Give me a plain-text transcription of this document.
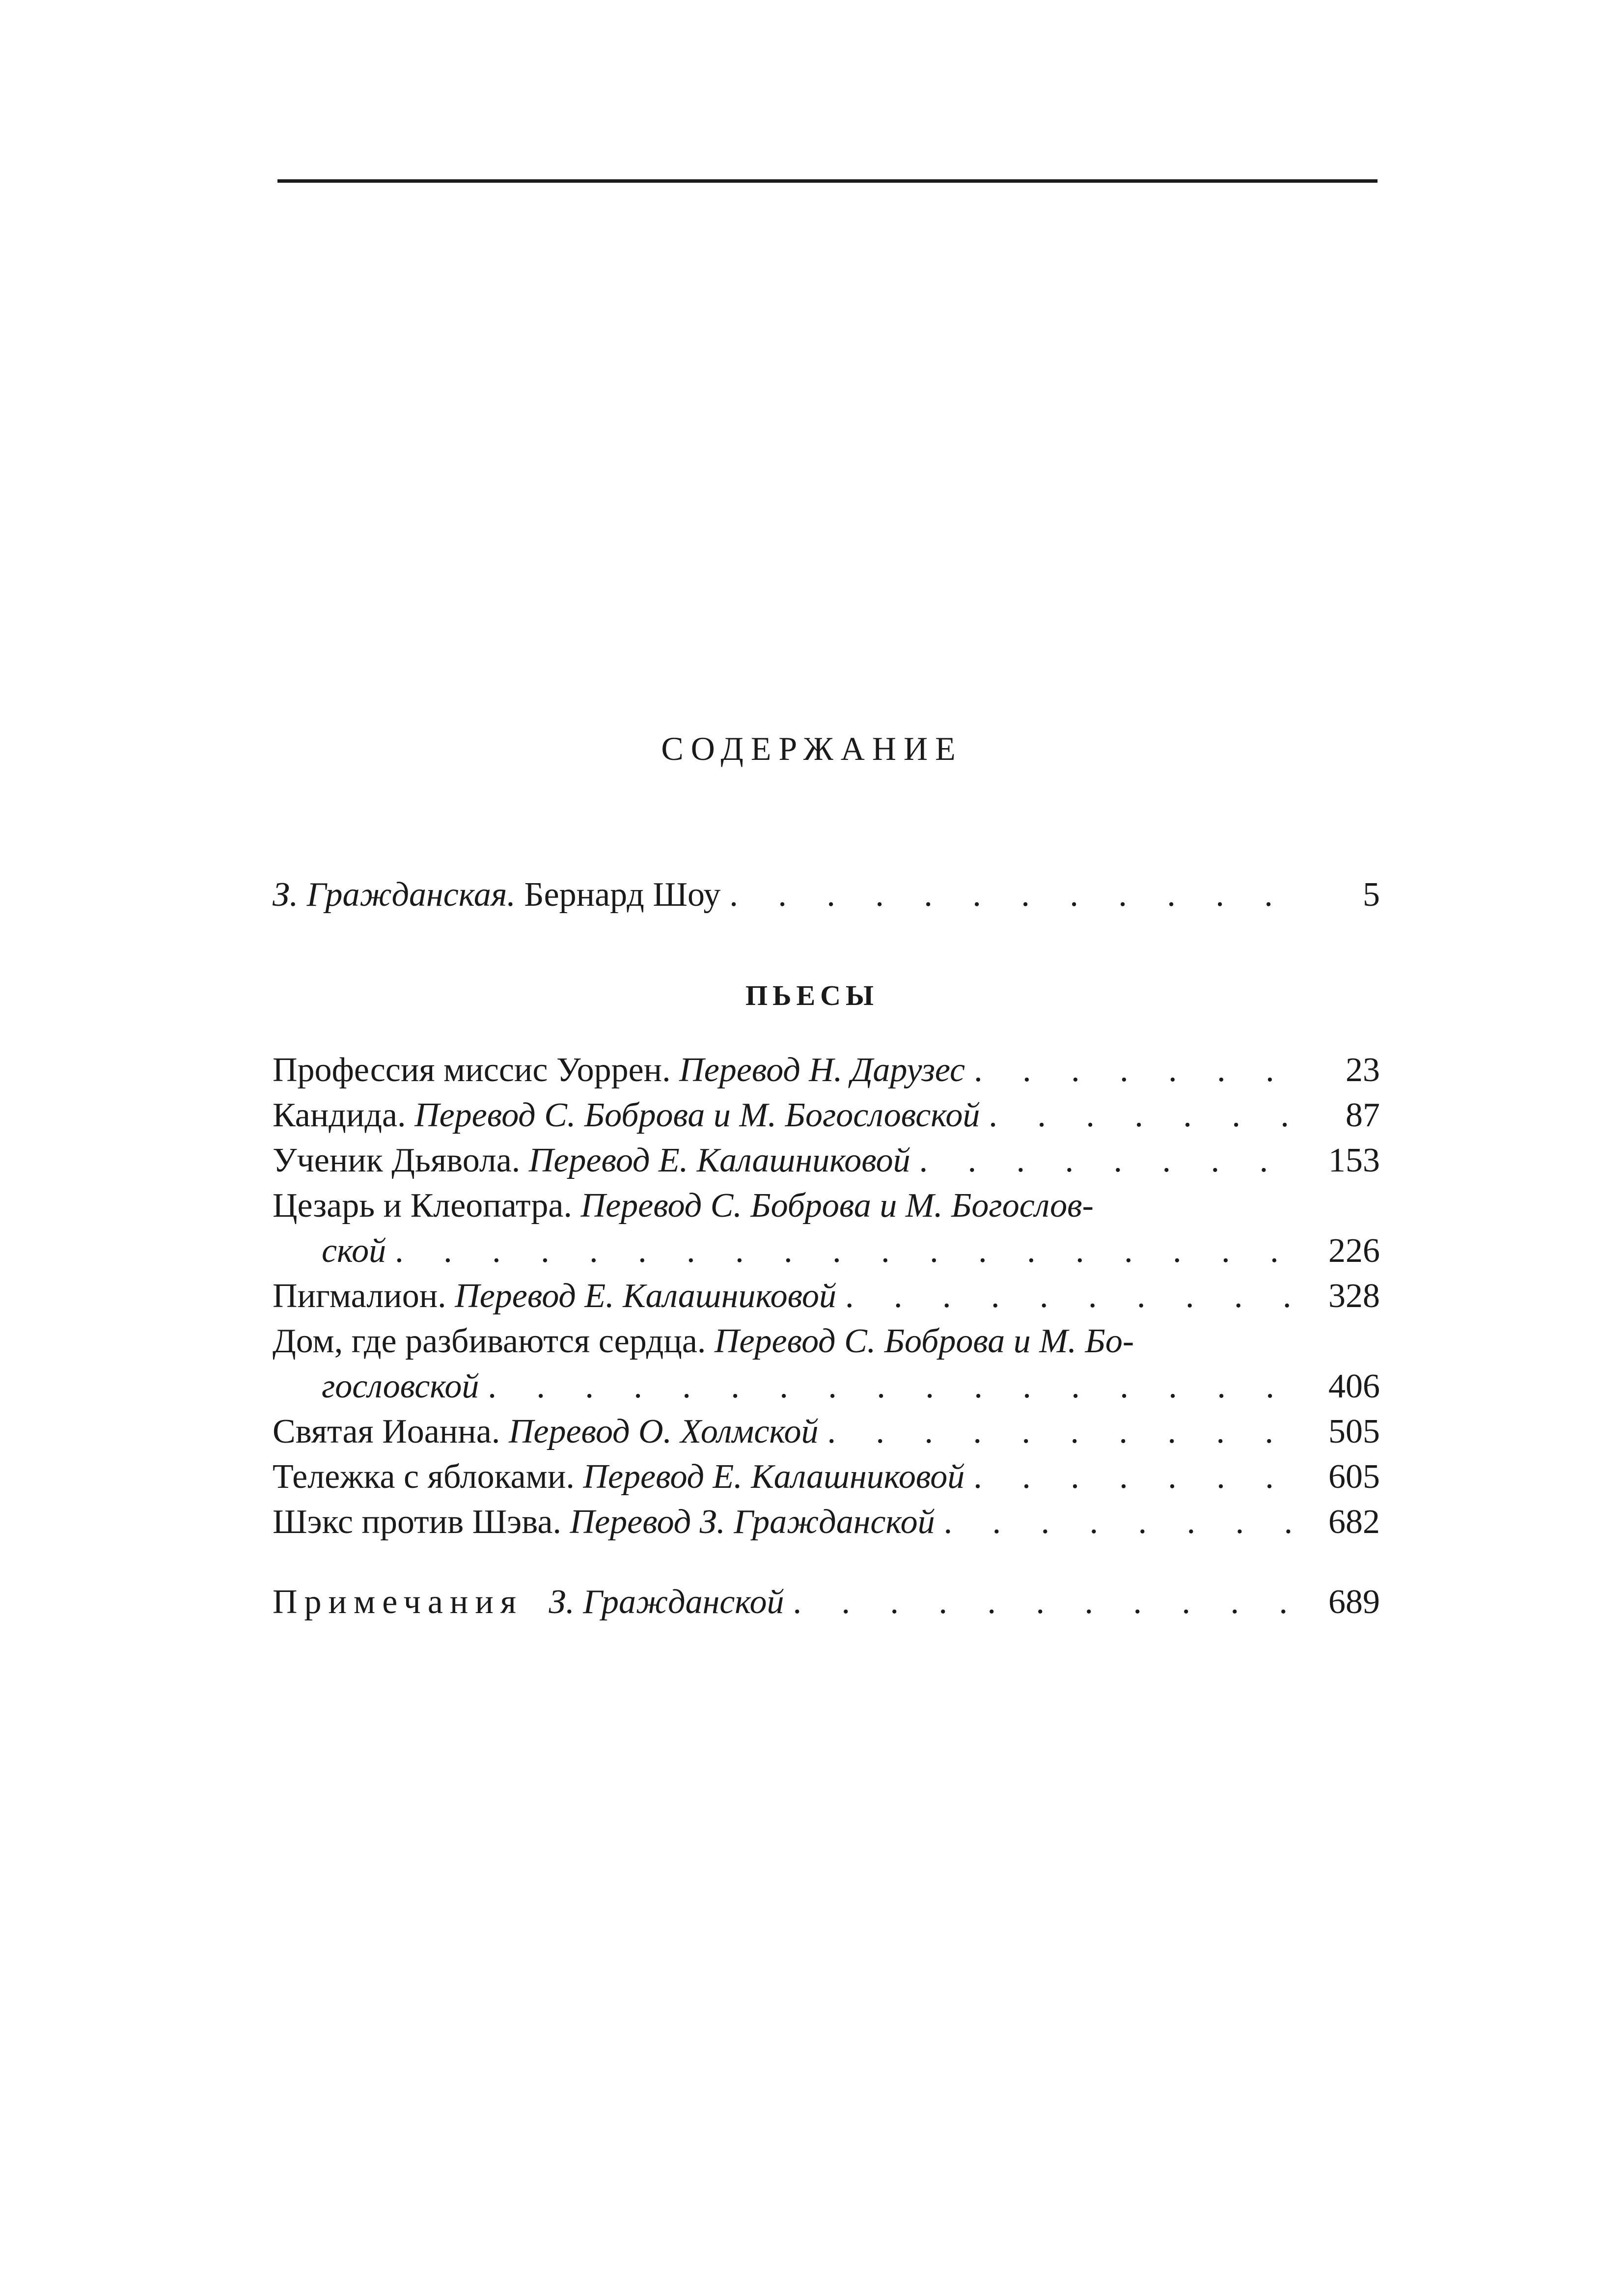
СОДЕРЖАНИЕ
З. Гражданская.
Бернард Шоу . . .	5
ПЬЕСЫ
Профессия миссис Уоррен.
Перевод Н. Дарузес . . .	23
Кандида.
Перевод С. Боброва и М. Богословской . . .	87
Ученик Дьявола.
Перевод Е. Калашниковой . . .	153
Цезарь и Клеопатра.
Перевод С. Боброва и М. Богослов-
ской . . .	226
Пигмалион.
Перевод Е. Калашниковой . . .	328
Дом, где разбиваются сердца.
Перевод С. Боброва и М. Бо-
гословской . . .	406
Святая Иоанна.
Перевод О. Холмской . . .	505
Тележка с яблоками.
Перевод Е. Калашниковой . . .	605
Шэкс против Шэва.
Перевод З. Гражданской . . .	682
Примечания
З. Гражданской . . .	689
